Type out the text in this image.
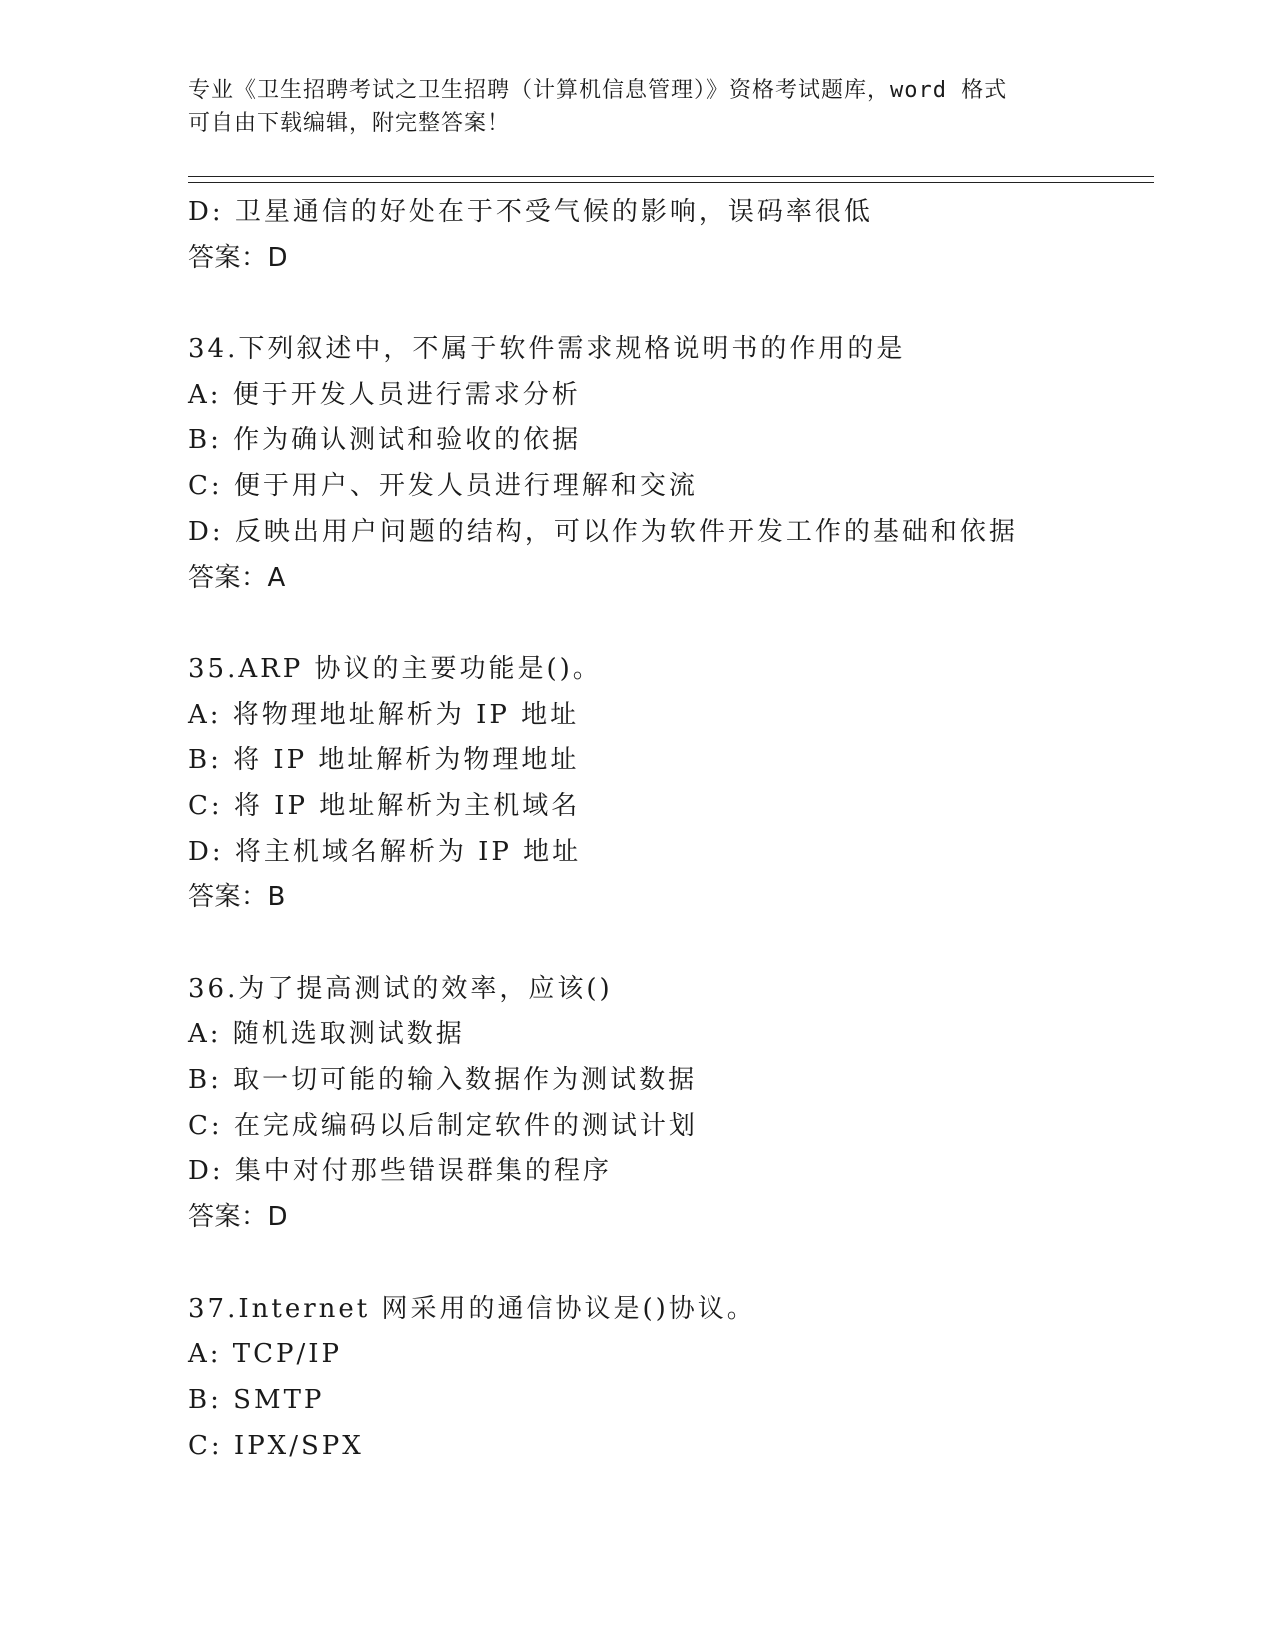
专业《卫生招聘考试之卫生招聘（计算机信息管理）》资格考试题库，word 格式
可自由下载编辑，附完整答案！
D: 卫星通信的好处在于不受气候的影响，误码率很低
答案：D
34.下列叙述中，不属于软件需求规格说明书的作用的是
A: 便于开发人员进行需求分析
B: 作为确认测试和验收的依据
C: 便于用户、开发人员进行理解和交流
D: 反映出用户问题的结构，可以作为软件开发工作的基础和依据
答案：A
35.ARP 协议的主要功能是()。
A: 将物理地址解析为 IP 地址
B: 将 IP 地址解析为物理地址
C: 将 IP 地址解析为主机域名
D: 将主机域名解析为 IP 地址
答案：B
36.为了提高测试的效率，应该()
A: 随机选取测试数据
B: 取一切可能的输入数据作为测试数据
C: 在完成编码以后制定软件的测试计划
D: 集中对付那些错误群集的程序
答案：D
37.Internet 网采用的通信协议是()协议。
A: TCP/IP
B: SMTP
C: IPX/SPX
